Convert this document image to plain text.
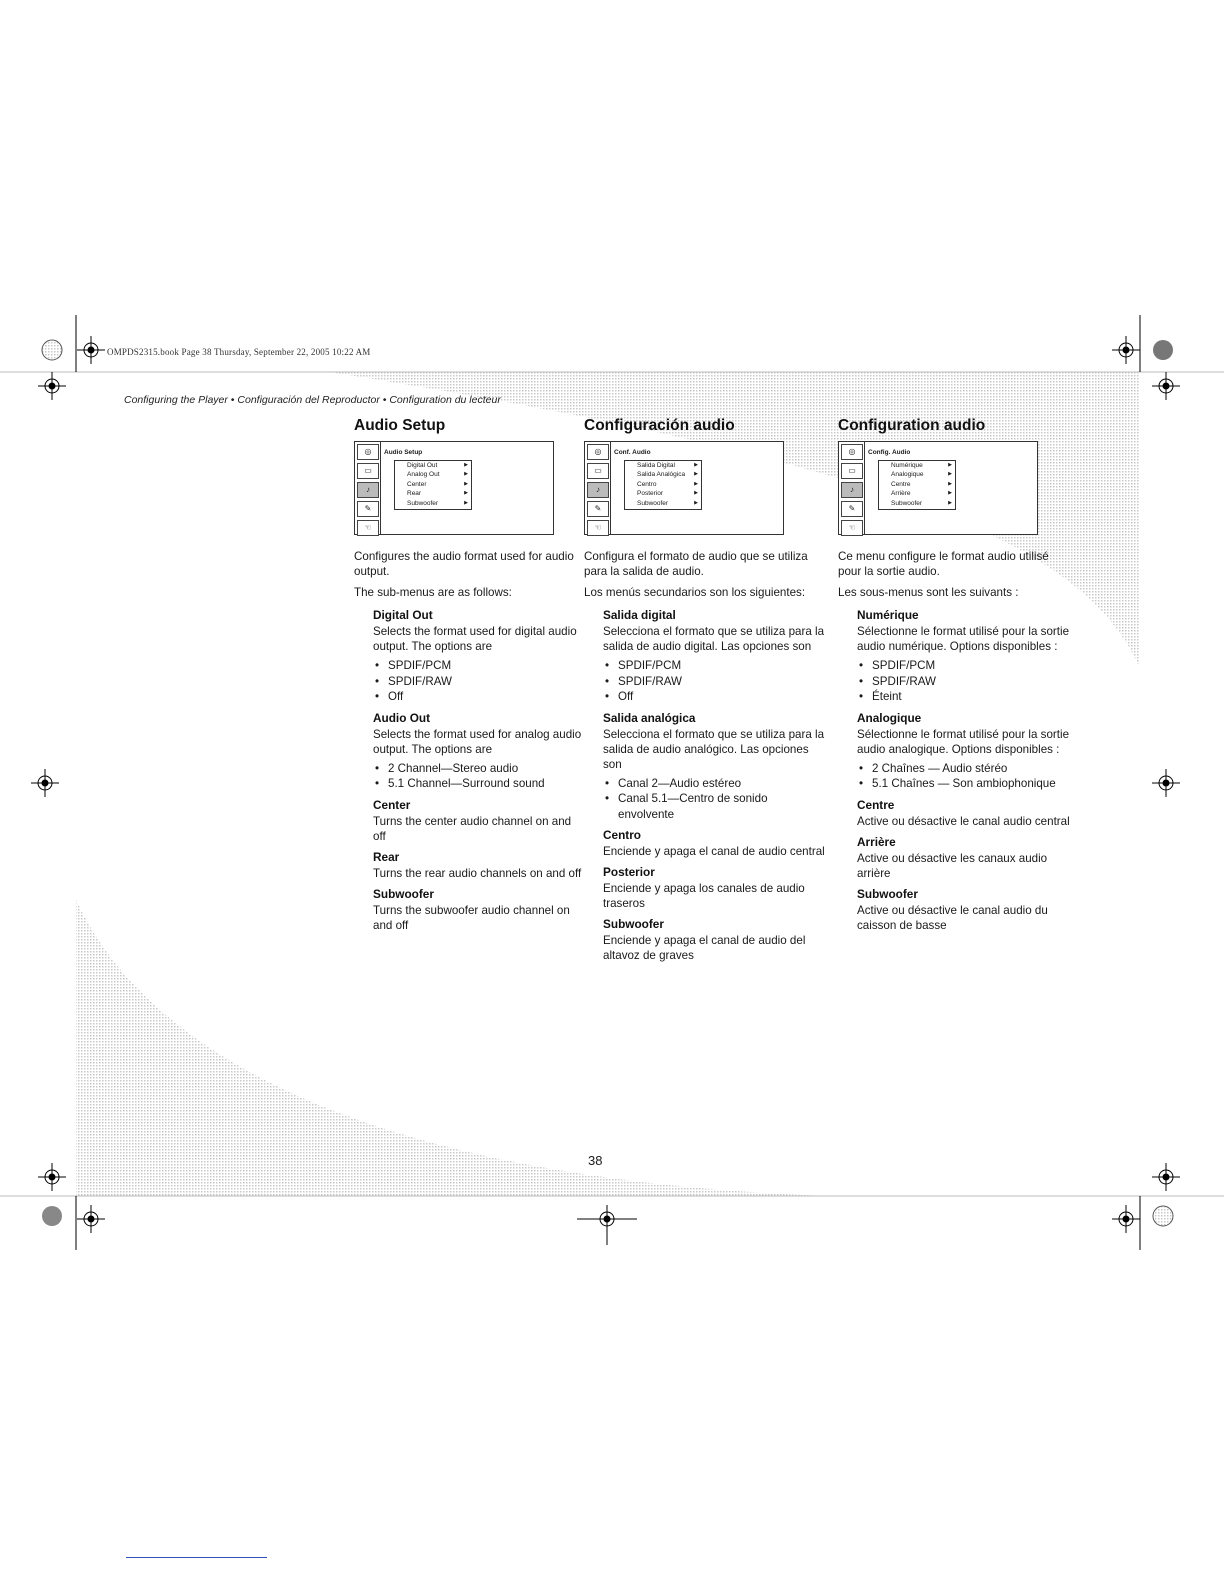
OMPDS2315.book Page 38 Thursday, September 22, 2005 10:22 AM
Configuring the Player • Configuración del Reproductor • Configuration du lecteur
Audio Setup
◎
▭
♪
✎
☜
Audio Setup
Digital Out	▶
Analog Out	▶
Center	▶
Rear	▶
Subwoofer	▶

Configures the audio format used for audio output.

The sub-menus are as follows:

Digital Out
Selects the format used for digital audio output. The options are
• SPDIF/PCM
• SPDIF/RAW
• Off
Audio Out
Selects the format used for analog audio output. The options are
• 2 Channel—Stereo audio
• 5.1 Channel—Surround sound
Center
Turns the center audio channel on and off
Rear
Turns the rear audio channels on and off
Subwoofer
Turns the subwoofer audio channel on and off
Configuración audio
◎
▭
♪
✎
☜
Conf. Audio
Salida Digital	▶
Salida Analógica ▶
Centro	▶
Posterior	▶
Subwoofer	▶

Configura el formato de audio que se utiliza para la salida de audio.

Los menús secundarios son los siguientes:

Salida digital
Selecciona el formato que se utiliza para la salida de audio digital. Las opciones son
• SPDIF/PCM
• SPDIF/RAW
• Off
Salida analógica
Selecciona el formato que se utiliza para la salida de audio analógico. Las opciones son
• Canal 2—Audio estéreo
• Canal 5.1—Centro de sonido envolvente
Centro
Enciende y apaga el canal de audio central
Posterior
Enciende y apaga los canales de audio traseros
Subwoofer
Enciende y apaga el canal de audio del altavoz de graves
Configuration audio
◎
▭
♪
✎
☜
Config. Audio
Numérique	▶
Analogique	▶
Centre	▶
Arrière	▶
Subwoofer	▶

Ce menu configure le format audio utilisé pour la sortie audio.

Les sous-menus sont les suivants :

Numérique
Sélectionne le format utilisé pour la sortie audio numérique. Options disponibles :
• SPDIF/PCM
• SPDIF/RAW
• Éteint
Analogique
Sélectionne le format utilisé pour la sortie audio analogique. Options disponibles :
• 2 Chaînes — Audio stéréo
• 5.1 Chaînes — Son ambiophonique
Centre
Active ou désactive le canal audio central
Arrière
Active ou désactive les canaux audio arrière
Subwoofer
Active ou désactive le canal audio du caisson de basse
38
